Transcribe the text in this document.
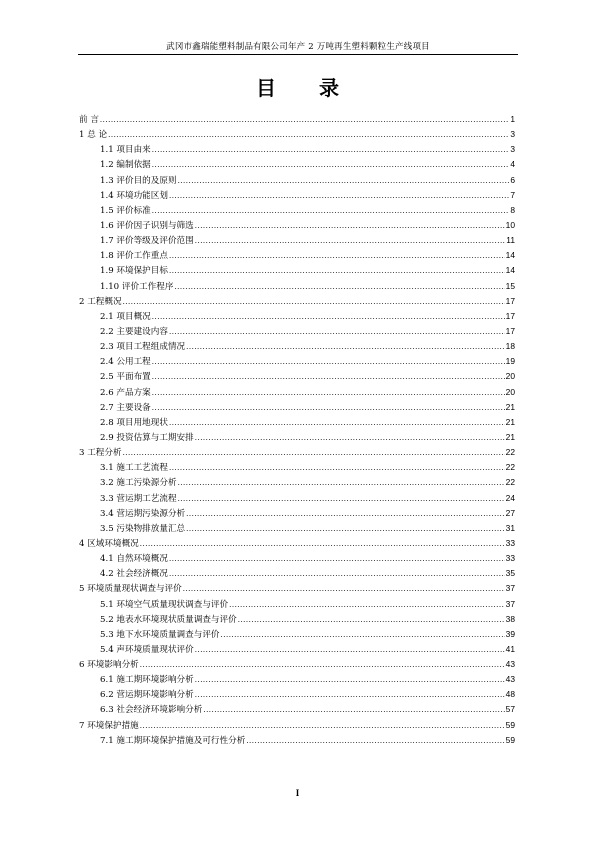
武冈市鑫瑞能塑料制品有限公司年产 2 万吨再生塑料颗粒生产线项目
目 录
前 言 .....	1
1 总 论 .....	3
1.1 项目由来 .....	3
1.2 编制依据 .....	4
1.3 评价目的及原则 .....	6
1.4 环境功能区划 .....	7
1.5 评价标准 .....	8
1.6 评价因子识别与筛选 .....	10
1.7 评价等级及评价范围 .....	11
1.8 评价工作重点 .....	14
1.9 环境保护目标 .....	14
1.10 评价工作程序 .....	15
2 工程概况 .....	17
2.1 项目概况 .....	17
2.2 主要建设内容 .....	17
2.3 项目工程组成情况 .....	18
2.4 公用工程 .....	19
2.5 平面布置 .....	20
2.6 产品方案 .....	20
2.7 主要设备 .....	21
2.8 项目用地现状 .....	21
2.9 投资估算与工期安排 .....	21
3 工程分析 .....	22
3.1 施工工艺流程 .....	22
3.2 施工污染源分析 .....	22
3.3 营运期工艺流程 .....	24
3.4 营运期污染源分析 .....	27
3.5 污染物排放量汇总 .....	31
4 区域环境概况 .....	33
4.1 自然环境概况 .....	33
4.2 社会经济概况 .....	35
5 环境质量现状调查与评价 .....	37
5.1 环境空气质量现状调查与评价 .....	37
5.2 地表水环境现状质量调查与评价 .....	38
5.3 地下水环境质量调查与评价 .....	39
5.4 声环境质量现状评价 .....	41
6 环境影响分析 .....	43
6.1 施工期环境影响分析 .....	43
6.2 营运期环境影响分析 .....	48
6.3 社会经济环境影响分析 .....	57
7 环境保护措施 .....	59
7.1 施工期环境保护措施及可行性分析 .....	59
I
